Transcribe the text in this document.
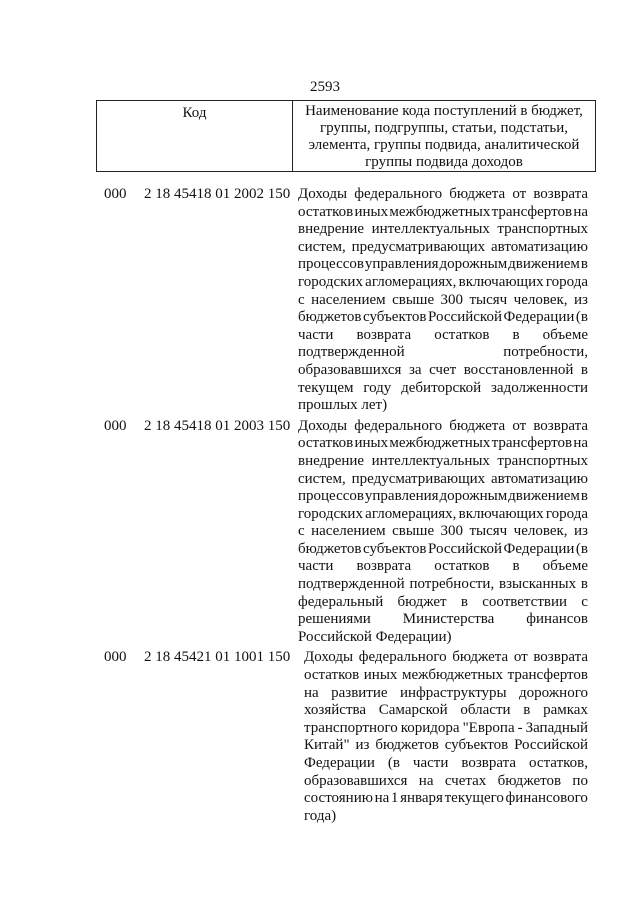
2593
Код	Наименование кода поступлений в бюджет,
группы, подгруппы, статьи, подстатьи,
элемента, группы подвида, аналитической
группы подвида доходов
000 2 18 45418 01 2002 150 Доходы федерального бюджета от возврата
остатков иных межбюджетных трансфертов на
внедрение интеллектуальных транспортных
систем, предусматривающих автоматизацию
процессов управления дорожным движением в
городских агломерациях, включающих города
с населением свыше 300 тысяч человек, из
бюджетов субъектов Российской Федерации (в
части возврата остатков в объеме
подтвержденной	потребности,
образовавшихся за счет восстановленной в
текущем году дебиторской задолженности
прошлых лет)
000 2 18 45418 01 2003 150 Доходы федерального бюджета от возврата
остатков иных межбюджетных трансфертов на
внедрение интеллектуальных транспортных
систем, предусматривающих автоматизацию
процессов управления дорожным движением в
городских агломерациях, включающих города
с населением свыше 300 тысяч человек, из
бюджетов субъектов Российской Федерации (в
части возврата остатков в объеме
подтвержденной потребности, взысканных в
федеральный бюджет в соответствии с
решениями Министерства финансов
Российской Федерации)
000 2 18 45421 01 1001 150 Доходы федерального бюджета от возврата
остатков иных межбюджетных трансфертов
на развитие инфраструктуры дорожного
хозяйства Самарской области в рамках
транспортного коридора "Европа - Западный
Китай" из бюджетов субъектов Российской
Федерации (в части возврата остатков,
образовавшихся на счетах бюджетов по
состоянию на 1 января текущего финансового
года)
